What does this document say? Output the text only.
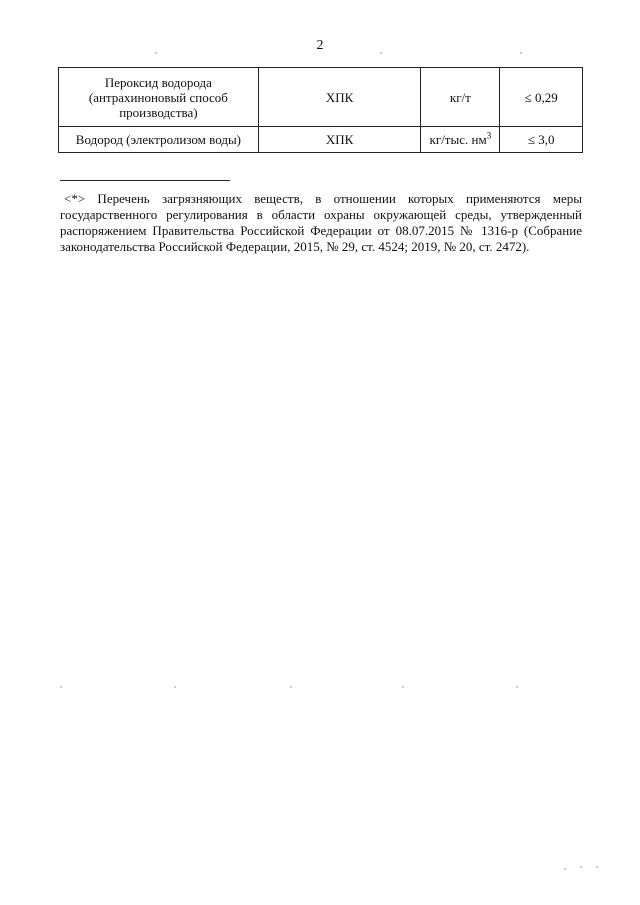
2
Пероксид водорода (антрахиноновый способ производства)	ХПК	кг/т	≤ 0,29
Водород (электролизом воды)	ХПК	кг/тыс. $нм^3$	≤ 3,0
<*> Перечень загрязняющих веществ, в отношении которых применяются меры государственного регулирования в области охраны окружающей среды, утвержденный распоряжением Правительства Российской Федерации от 08.07.2015 № 1316-р (Собрание законодательства Российской Федерации, 2015, № 29, ст. 4524; 2019, № 20, ст. 2472).
